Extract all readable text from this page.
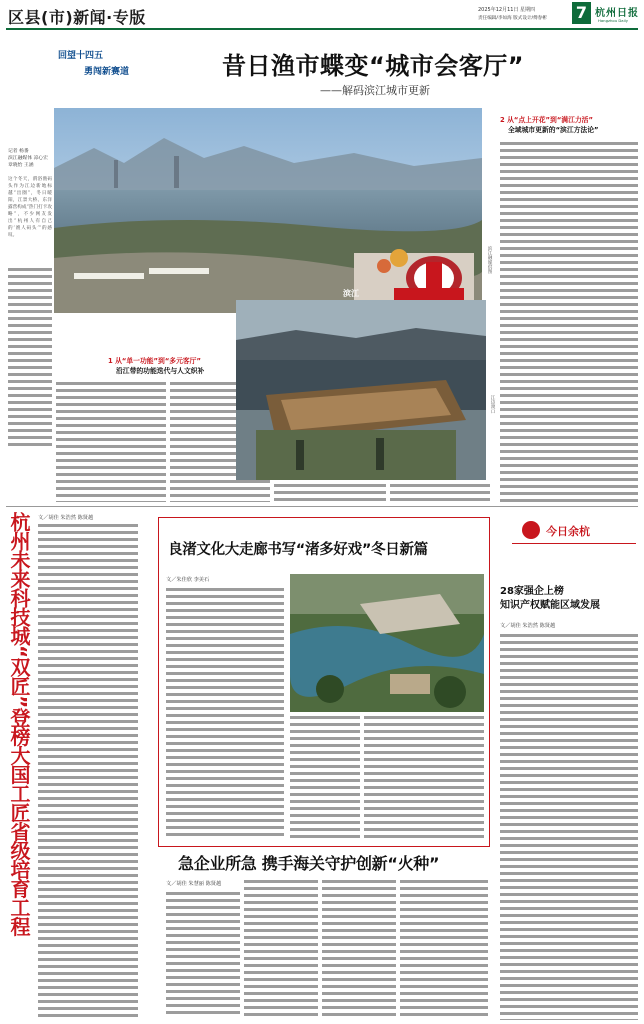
区县(市)新闻·专版	2025年12月11日 星期四
责任编辑/李如海 版式设计/傅春彬 7 杭州日报
Hangzhou Daily
回望十四五
勇闯新赛道	昔日渔市蝶变“城市会客厅”
——解码滨江城市更新
滨江
滨江融媒供图
记者 杨番
滨江融媒体 凉心宏
章晓怡 王涵
这个冬天，渭浴渔码头作为江边新地标越“出圈”，冬日暖阳，江景大桥、东洋露营构成“热门打卡攻略”，不少网友发出“杭州人有自己的‘渔人码头’”的感叹。
1 从“单一功能”到“多元客厅”
沿江带的功能迭代与人文织补
江边渡口
2 从“点上开花”到“满江力活”
全域城市更新的“滨江方法论”
杭州未来科技城“双匠”登榜大国工匠省级培育工程 文／胡佳 朱浩然 陈贤越
良渚文化大走廊书写“渚多好戏”冬日新篇
文／朱佳欣 李美石
急企业所急 携手海关守护创新“火种”
文／胡佳 朱慧丽 陈贤越
今日余杭
28家强企上榜
知识产权赋能区域发展
文／胡佳 朱浩然 陈贤越
